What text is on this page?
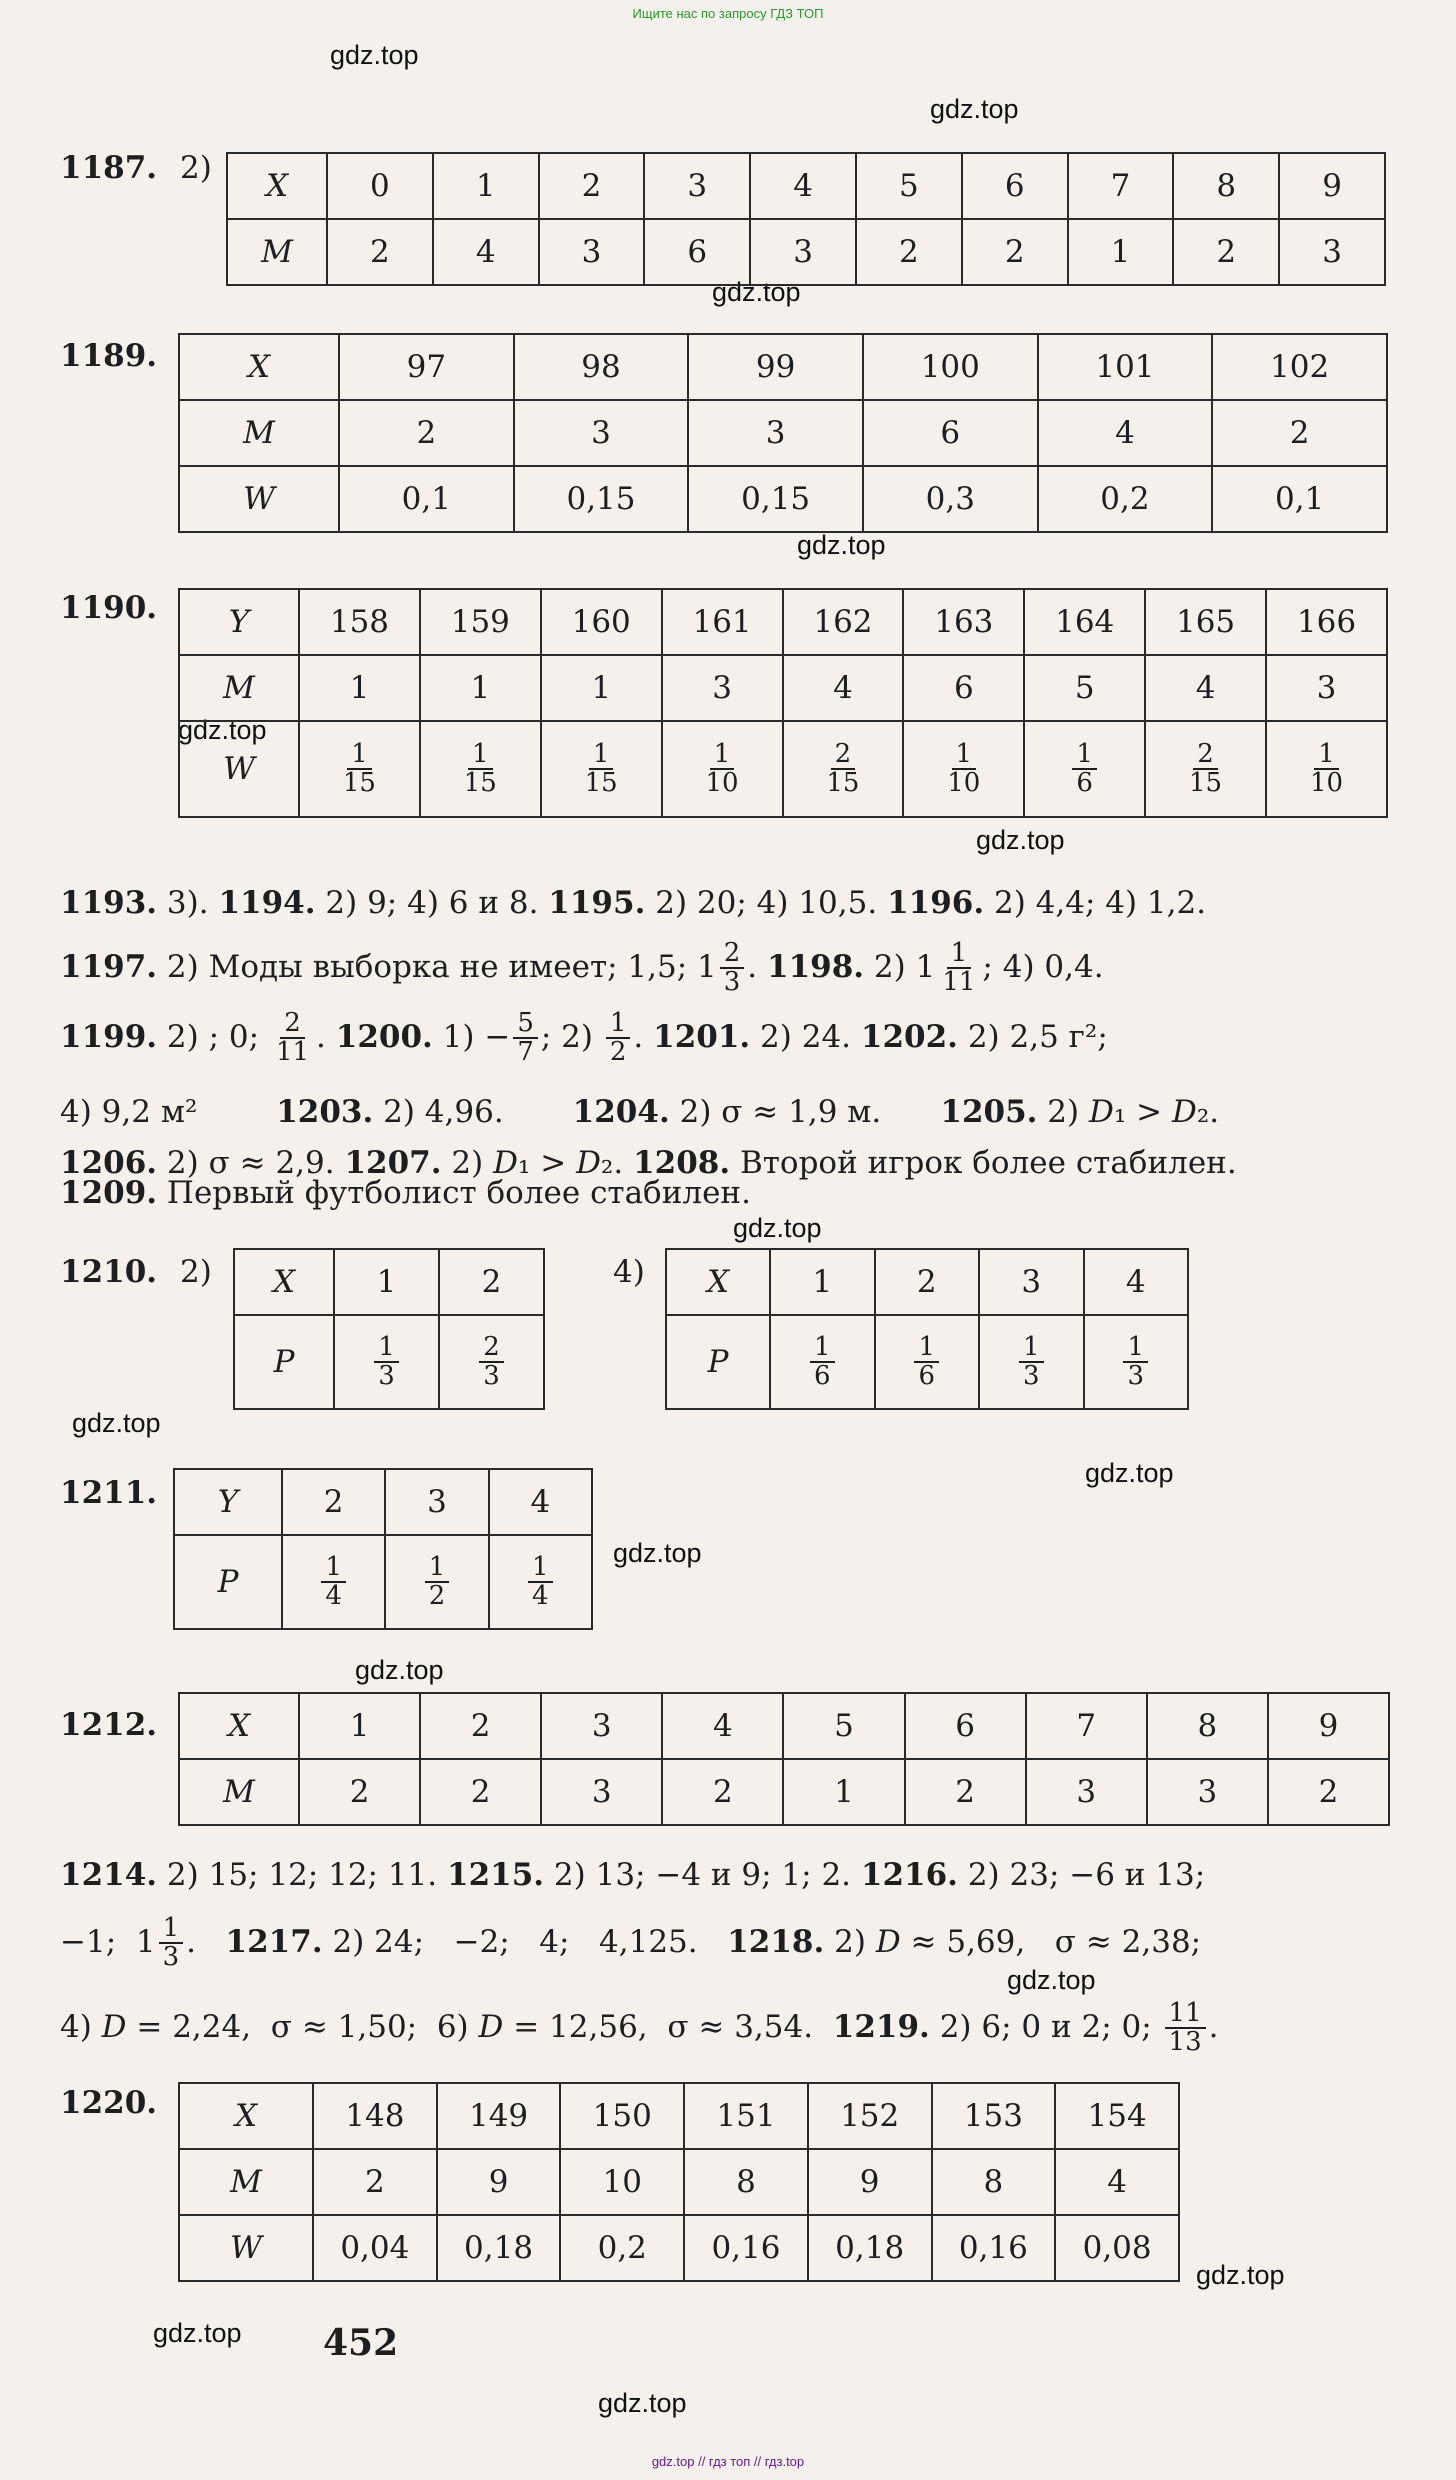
Ищите нас по запросу ГДЗ ТОП
gdz.top
gdz.top
gdz.top
gdz.top
gdz.top
gdz.top
gdz.top
gdz.top
gdz.top
gdz.top
gdz.top
gdz.top
gdz.top
gdz.top
gdz.top
1187. 2) X	0	1	2	3	4	5	6	7	8	9
M	2	4	3	6	3	2	2	1	2	3
1189.	X	97	98	99	100	101	102
M	2	3	3	6	4	2
W	0,1	0,15	0,15	0,3	0,2	0,1
1190. Y	158	159	160	161	162	163	164	165	166
M	1	1	1	3	4	6	5	4	3
W	$\frac{1}{15}$	$\frac{1}{15}$	$\frac{1}{15}$	$\frac{1}{10}$	$\frac{2}{15}$	$\frac{1}{10}$	$\frac{1}{6}$	$\frac{2}{15}$	$\frac{1}{10}$
1193. 3). 1194. 2) 9; 4) 6 и 8. 1195. 2) 20; 4) 10,5. 1196. 2) 4,4; 4) 1,2.
1197. 2) Моды выборка не имеет; 1,5; $1 \frac{2}{3}$ . 1198. 2) $1 \frac{1}{11}$ ; 4) 0,4.
1199. 2) ; 0; $\frac{2}{11}$ . 1200. $1) - \frac{5}{7}$ ; $2) \frac{1}{2}$ . 1201. 2) 24. 1202. 2) 2,5 г²;
4) 9,2 м²        1203. 2) 4,96.       1204. 2) σ ≈ 1,9 м.      1205. 2) D₁ > D₂.
1206. 2) σ ≈ 2,9. 1207. 2) D₁ > D₂. 1208. Второй игрок более стабилен.
1209. Первый футболист более стабилен.
1210. 2) X	1	2
P	$\frac{1}{3}$	$\frac{2}{3}$
4) X	1	2	3	4
P	$\frac{1}{6}$	$\frac{1}{6}$	$\frac{1}{3}$	$\frac{1}{3}$
1211. Y	2	3	4
P	$\frac{1}{4}$	$\frac{1}{2}$	$\frac{1}{4}$
1212. X	1	2	3	4	5	6	7	8	9
M	2	2	3	2	1	2	3	3	2
1214. 2) 15; 12; 12; 11. 1215. 2) 13; −4 и 9; 1; 2. 1216. 2) 23; −6 и 13;
−1;  $1 \frac{1}{3}$ .   1217. 2) 24;   −2;   4;   4,125.   1218. 2) D ≈ 5,69,   σ ≈ 2,38;
4) D = 2,24,  σ ≈ 1,50;  6) D = 12,56,  σ ≈ 3,54.  1219. 2) 6; 0 и 2; 0; $\frac{11}{13}$ .
1220.	X	148	149	150	151	152	153	154
M	2	9	10	8	9	8	4
W	0,04	0,18	0,2	0,16	0,18	0,16	0,08
452
gdz.top // гдз топ // гдз.top
